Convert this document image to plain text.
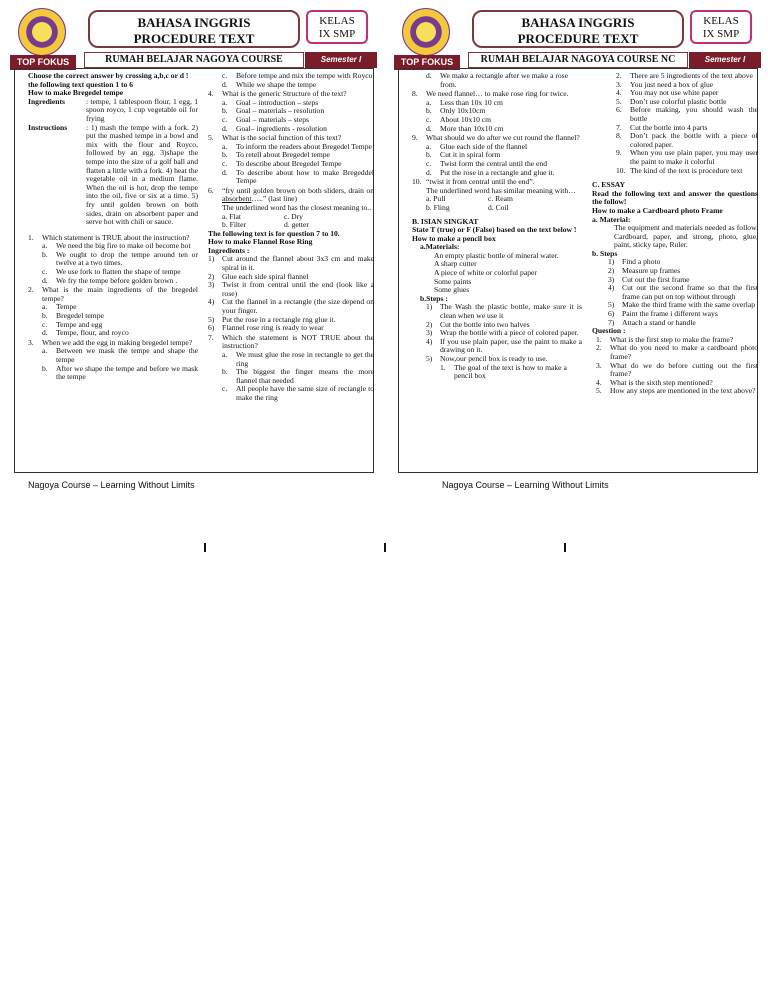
BAHASA INGGRIS
PROCEDURE TEXT
KELAS
IX SMP
RUMAH BELAJAR NAGOYA COURSE	Semester I
TOP FOKUS

Choose the correct answer by crossing a,b,c or d ! the following text question 1 to 6

How to make Bregedel tempe

Ingredients	: tempe, 1 tablespoon flour, 1 egg, 1 spoon royco, 1 cup vegetable oil for frying
Instructions	: 1) mash the tempe with a fork. 2) put the mashed tempe in a bowl and mix with the flour and Royco, followed by an egg. 3)shape the tempe into the size of a golf ball and flatten a little with a fork. 4) heat the vegetable oil in a medium flame. When the oil is hot, drop the tempe into the oil, five or six at a time. 5) fry until golden brown on both sides, drain on absorbent paper and serve hot with chili or sauce.
1.	Which statement is TRUE about the instruction?
a.	We need the big fire to make oil become hot
b.	We ought to drop the tempe around ten or twelve at a two times.
c.	We use fork to flatten the shape of tempe
d.	We fry the tempe before golden brown .
2.	What is the main ingredients of the bregedel tempe?
a.	Tempe
b.	Bregedel tempe
c.	Tempe and egg
d.	Tempe, flour, and royco
3.	When we add the egg in making bregedel tempe?
a.	Between we mask the tempe and shape the tempe
b.	After we shape the tempe and before we mask the tempe
c.	Before tempe and mix the tempe with Royco
d.	While we shape the tempe
4.	What is the generic Structure of the text?
a.	Goal – introduction – steps
b.	Goal – materials – resolution
c.	Goal – materials – steps
d.	Goal– ingredients - resolution
5.	What is the social function of this text?
a.	To inform the readers about Bregedel Tempe
b.	To retell about Bregedel tempe
c.	To describe about Bregedel Tempe
d.	To describe about how to make Bregeddel Tempe
6.	“fry until golden brown on both sliders, drain on absorbent…..” (last line)

The underlined word has the closest meaning to..

a. Flat	c. Dry
b. Filter	d. getter

The following text is for question 7 to 10.

How to make Flannel Rose Ring

Ingredients :

1)	Cut around the flannel about 3x3 cm and make spiral in it.
2)	Glue each side spiral flannel
3)	Twist it from central until the end (look like a rose)
4)	Cut the flannel in a rectangle (the size depend on your finger.
5)	Put the rose in a rectangle rng glue it.
6)	Flannel rose ring is ready to wear
7.	Which the statement is NOT TRUE about the instruction?
a.	We must glue the rose in rectangle to get the ring
b.	The biggest the finger means the more flannel that needed
c.	All people have the same size of rectangle to make the ring
Nagoya Course – Learning Without Limits
BAHASA INGGRIS
PROCEDURE TEXT
KELAS
IX SMP
RUMAH BELAJAR NAGOYA COURSE NC	Semester I
TOP FOKUS
d.	We make a rectangle after we make a rose from.
8.	We need flannel… to make rose ring for twice.
a.	Less than 10x 10 cm
b.	Only 10x10cm
c.	About 10x10 cm
d.	More than 10x10 cm
9.	What should we do after we cut round the flannel?
a.	Glue each side of the flannel
b.	Cut it in spiral form
c.	Twist form the central until the end
d.	Put the rose in a rectangle and glue it.
10. “twist it from central until the end”.

The underlined word has similar meaning with…

a. Pull	c. Ream
b. Fling	d. Coil

B. ISIAN SINGKAT

State T (true) or F (False) based on the text below !

How to make a pencil box

a.Materials:

An empty plastic bottle of mineral water.

A sharp cutter

A piece of white or colorful paper

Some paints

Some glues

b.Steps :

1)	The Wash the plastic bottle, make sure it is clean when we use it
2)	Cut the bottle into two halves
3)	Wrap the bottle with a piece of colored paper.
4)	If you use plain paper, use the paint to make a drawing on it.
5)	Now,our pencil box is ready to use.
1.	The goal of the text is how to make a pencil box
2.	There are 5 ingredients of the text above
3.	You just need a box of glue
4.	You may not use white paper
5.	Don’t use colorful plastic bottle
6.	Before making, you should wash the bottle
7.	Cut the bottle into 4 parts
8.	Don’t pack the bottle with a piece of colored paper.
9.	When you use plain paper, you may user the paint to make it colorful
10. The kind of the text is procedure text

C. ESSAY

Read the following text and answer the questions the follow!

How to make a Cardboard photo Frame

a. Material:

The equipment and materials needed as follow. Cardboard, paper, and strong, photo, glue, paint, sticky tape, Ruler.

b. Steps

1)	Find a photo
2)	Measure up frames
3)	Cut out the first frame
4)	Cut out the second frame so that the first frame can put on top without through
5)	Make the third frame with the same overlap
6)	Paint the frame i different ways
7)	Attach a stand or handle

Question :

1.	What is the first step to make the frame?
2.	What do you need to make a cardboard photo frame?
3.	What do we do before cutting out the first frame?
4.	What is the sixth step mentioned?
5.	How any steps are mentioned in the text above?
Nagoya Course – Learning Without Limits
